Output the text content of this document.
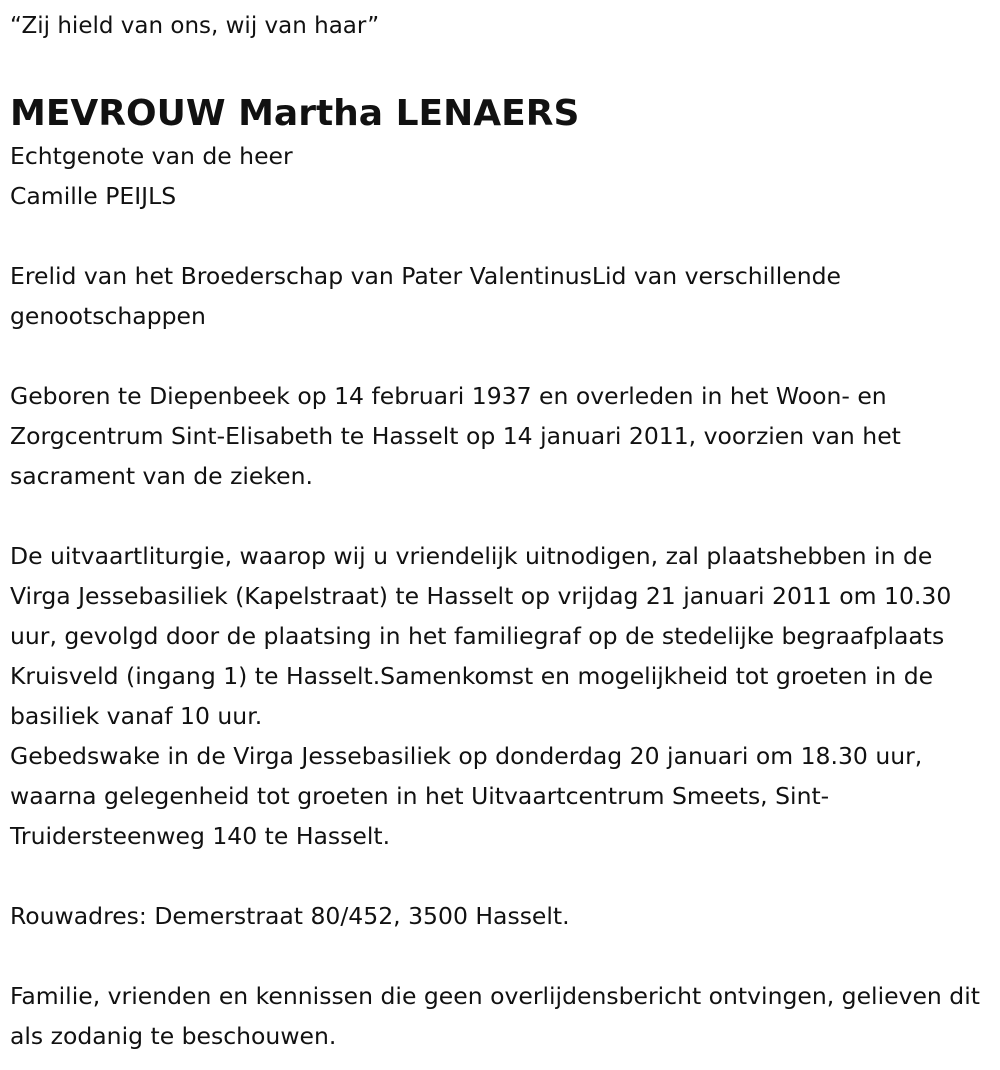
“Zij hield van ons, wij van haar”

MEVROUW Martha LENAERS

Echtgenote van de heer
Camille PEIJLS

Erelid van het Broederschap van Pater ValentinusLid van verschillende genootschappen

Geboren te Diepenbeek op 14 februari 1937 en overleden in het Woon- en Zorgcentrum Sint-Elisabeth te Hasselt op 14 januari 2011, voorzien van het sacrament van de zieken.

De uitvaartliturgie, waarop wij u vriendelijk uitnodigen, zal plaatshebben in de Virga Jessebasiliek (Kapelstraat) te Hasselt op vrijdag 21 januari 2011 om 10.30 uur, gevolgd door de plaatsing in het familiegraf op de stedelijke begraafplaats Kruisveld (ingang 1) te Hasselt.Samenkomst en mogelijkheid tot groeten in de basiliek vanaf 10 uur.

Gebedswake in de Virga Jessebasiliek op donderdag 20 januari om 18.30 uur, waarna gelegenheid tot groeten in het Uitvaartcentrum Smeets, Sint-Truidersteenweg 140 te Hasselt.

Rouwadres: Demerstraat 80/452, 3500 Hasselt.

Familie, vrienden en kennissen die geen overlijdensbericht ontvingen, gelieven dit als zodanig te beschouwen.
